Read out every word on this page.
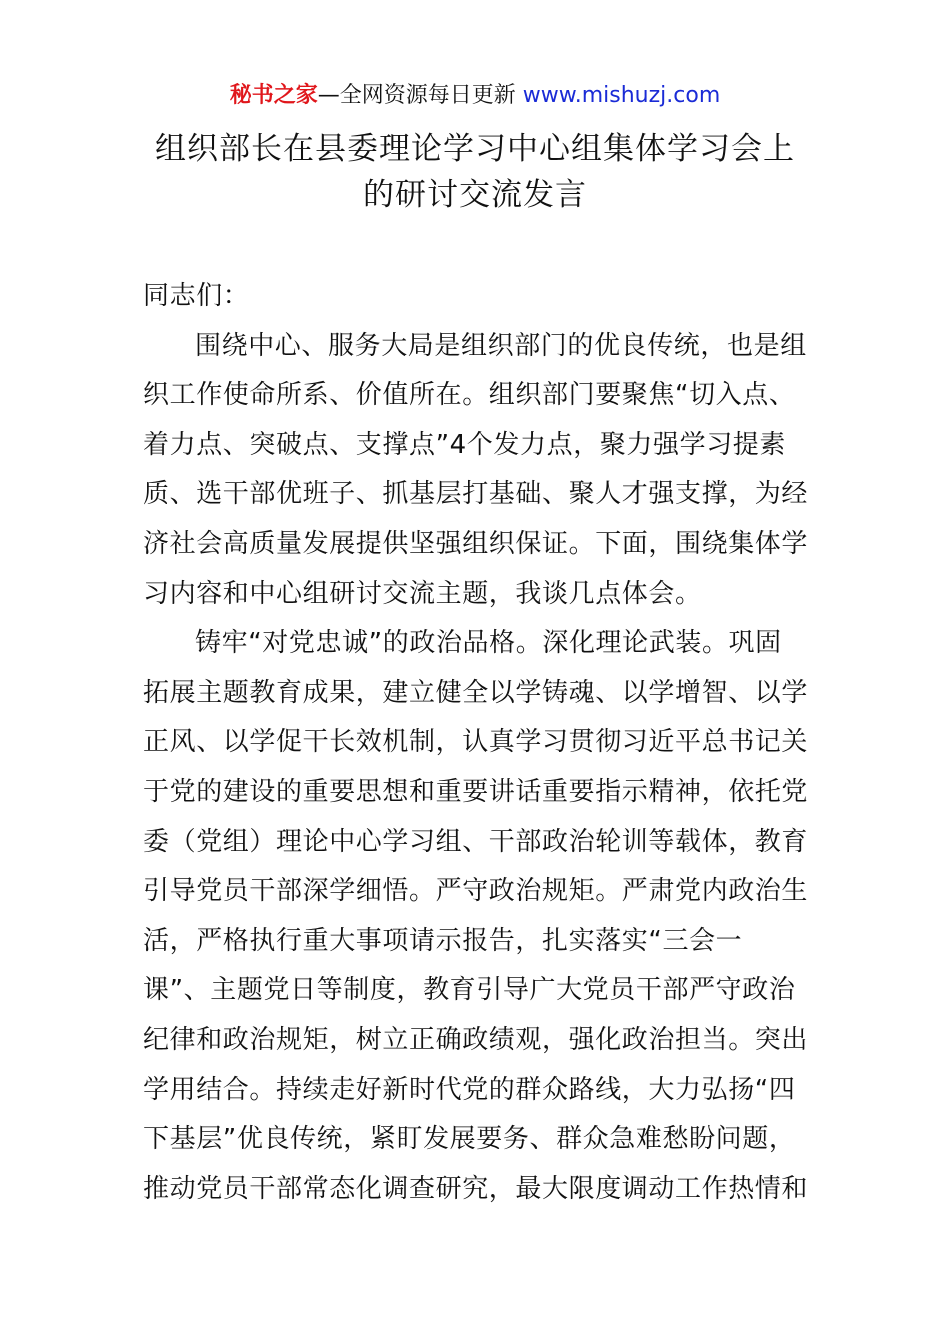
秘书之家—全网资源每日更新 www.mishuzj.com
组织部长在县委理论学习中心组集体学习会上
的研讨交流发言
同志们：
围绕中心、服务大局是组织部门的优良传统，也是组
织工作使命所系、价值所在。组织部门要聚焦“切入点、
着力点、突破点、支撑点”4个发力点，聚力强学习提素
质、选干部优班子、抓基层打基础、聚人才强支撑，为经
济社会高质量发展提供坚强组织保证。下面，围绕集体学
习内容和中心组研讨交流主题，我谈几点体会。
铸牢“对党忠诚”的政治品格。深化理论武装。巩固
拓展主题教育成果，建立健全以学铸魂、以学增智、以学
正风、以学促干长效机制，认真学习贯彻习近平总书记关
于党的建设的重要思想和重要讲话重要指示精神，依托党
委（党组）理论中心学习组、干部政治轮训等载体，教育
引导党员干部深学细悟。严守政治规矩。严肃党内政治生
活，严格执行重大事项请示报告，扎实落实“三会一
课”、主题党日等制度，教育引导广大党员干部严守政治
纪律和政治规矩，树立正确政绩观，强化政治担当。突出
学用结合。持续走好新时代党的群众路线，大力弘扬“四
下基层”优良传统，紧盯发展要务、群众急难愁盼问题，
推动党员干部常态化调查研究，最大限度调动工作热情和
